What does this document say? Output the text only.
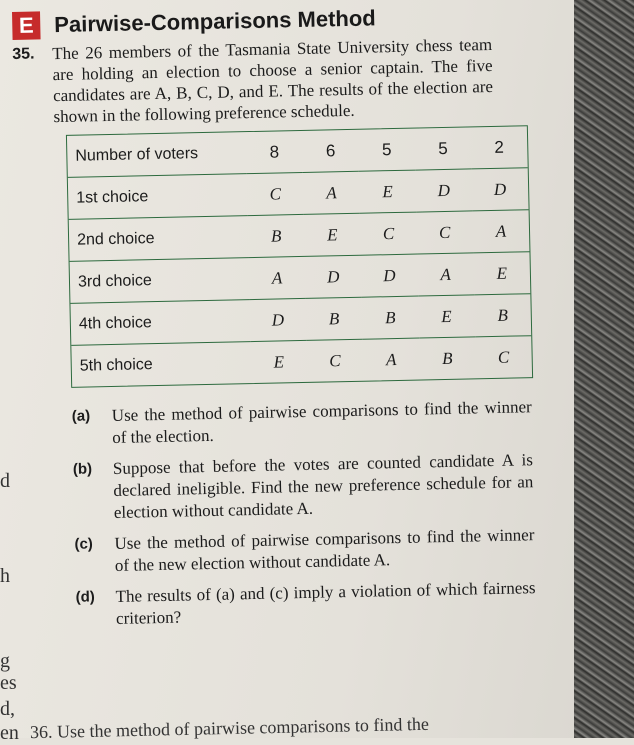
d
h
g
es
d,
en
E Pairwise-Comparisons Method
35. The 26 members of the Tasmania State University chess team are holding an election to choose a senior captain. The five candidates are A, B, C, D, and E. The results of the election are shown in the following preference schedule.
Number of voters	8	6	5	5	2
1st choice	C	A	E	D	D
2nd choice	B	E	C	C	A
3rd choice	A	D	D	A	E
4th choice	D	B	B	E	B
5th choice	E	C	A	B	C
(a) Use the method of pairwise comparisons to find the winner of the election.
(b) Suppose that before the votes are counted candidate A is declared ineligible. Find the new preference schedule for an election without candidate A.
(c) Use the method of pairwise comparisons to find the winner of the new election without candidate A.
(d) The results of (a) and (c) imply a violation of which fairness criterion?
36. Use the method of pairwise comparisons to find the
